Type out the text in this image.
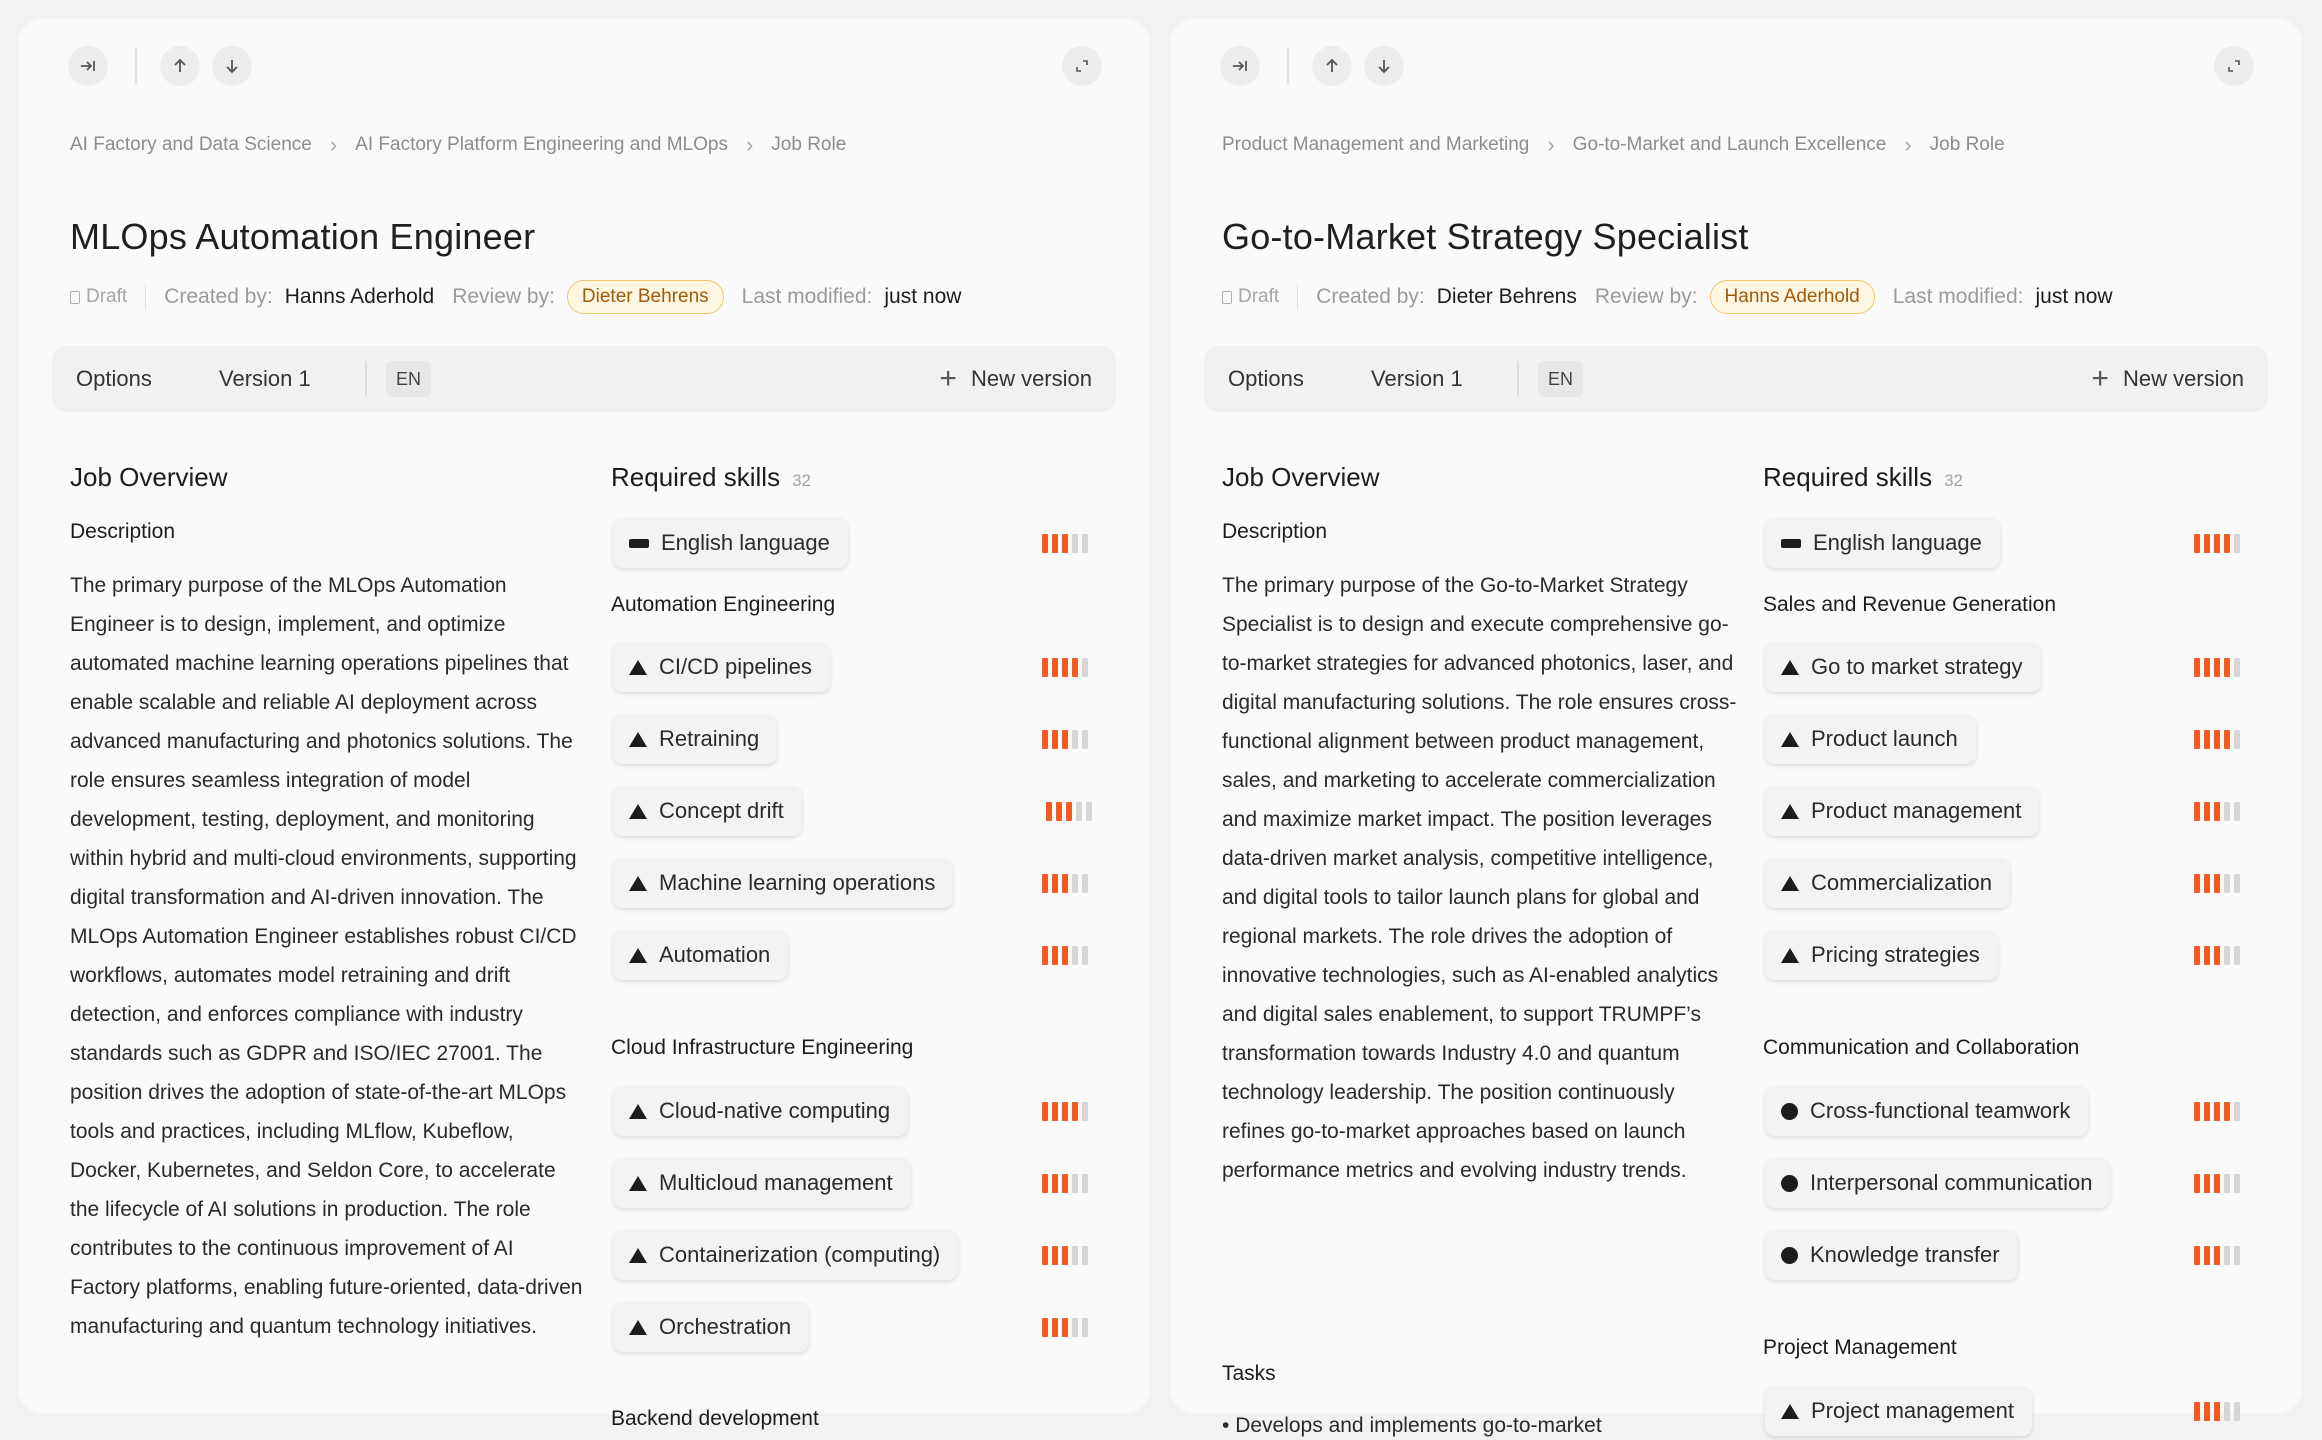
AI Factory and Data Science › AI Factory Platform Engineering and MLOps › Job Role
MLOps Automation Engineer
Draft Created by: Hanns Aderhold Review by:	Dieter Behrens	Last modified: just now
Options	Version 1	EN	+ New version
Job Overview
Description
The primary purpose of the MLOps Automation Engineer is to design, implement, and optimize automated machine learning operations pipelines that enable scalable and reliable AI deployment across advanced manufacturing and photonics solutions. The role ensures seamless integration of model development, testing, deployment, and monitoring within hybrid and multi-cloud environments, supporting digital transformation and AI-driven innovation. The MLOps Automation Engineer establishes robust CI/CD workflows, automates model retraining and drift detection, and enforces compliance with industry standards such as GDPR and ISO/IEC 27001. The position drives the adoption of state-of-the-art MLOps tools and practices, including MLflow, Kubeflow, Docker, Kubernetes, and Seldon Core, to accelerate the lifecycle of AI solutions in production. The role contributes to the continuous improvement of AI Factory platforms, enabling future-oriented, data-driven manufacturing and quantum technology initiatives.
Required skills 32
English language
Automation Engineering
CI/CD pipelines
Retraining
Concept drift
Machine learning operations
Automation
Cloud Infrastructure Engineering
Cloud-native computing
Multicloud management
Containerization (computing)
Orchestration
Backend development
Product Management and Marketing › Go-to-Market and Launch Excellence › Job Role
Go-to-Market Strategy Specialist
Draft Created by: Dieter Behrens Review by:	Hanns Aderhold	Last modified: just now
Options	Version 1	EN	+ New version
Job Overview
Description
The primary purpose of the Go-to-Market Strategy Specialist is to design and execute comprehensive go-to-market strategies for advanced photonics, laser, and digital manufacturing solutions. The role ensures cross-functional alignment between product management, sales, and marketing to accelerate commercialization and maximize market impact. The position leverages data-driven market analysis, competitive intelligence, and digital tools to tailor launch plans for global and regional markets. The role drives the adoption of innovative technologies, such as AI-enabled analytics and digital sales enablement, to support TRUMPF’s transformation towards Industry 4.0 and quantum technology leadership. The position continuously refines go-to-market approaches based on launch performance metrics and evolving industry trends.
Tasks
• Develops and implements go-to-market
Required skills 32
English language
Sales and Revenue Generation
Go to market strategy
Product launch
Product management
Commercialization
Pricing strategies
Communication and Collaboration
Cross-functional teamwork
Interpersonal communication
Knowledge transfer
Project Management
Project management
